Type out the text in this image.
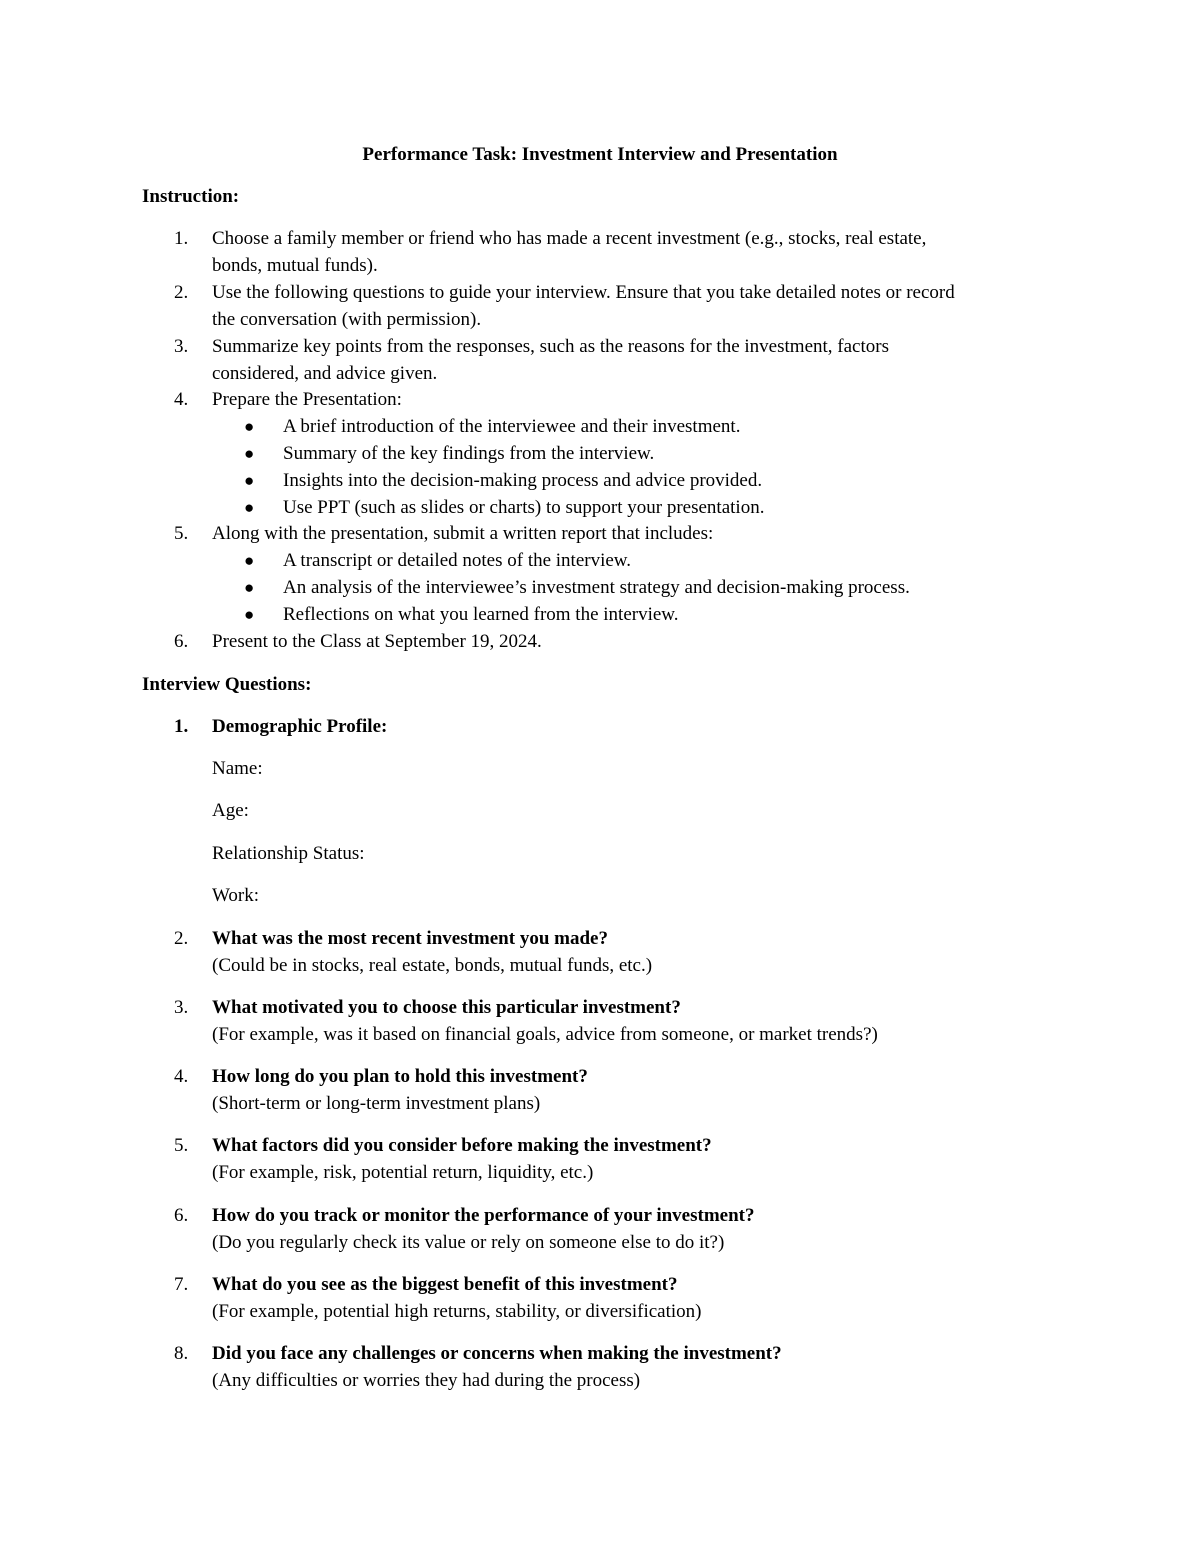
Performance Task: Investment Interview and Presentation
Instruction:
1.	Choose a family member or friend who has made a recent investment (e.g., stocks, real estate,
bonds, mutual funds).
2.	Use the following questions to guide your interview. Ensure that you take detailed notes or record
the conversation (with permission).
3.	Summarize key points from the responses, such as the reasons for the investment, factors
considered, and advice given.
4.	Prepare the Presentation:
● A brief introduction of the interviewee and their investment.
● Summary of the key findings from the interview.
● Insights into the decision-making process and advice provided.
● Use PPT (such as slides or charts) to support your presentation.
5.	Along with the presentation, submit a written report that includes:
● A transcript or detailed notes of the interview.
● An analysis of the interviewee’s investment strategy and decision-making process.
● Reflections on what you learned from the interview.
6.	Present to the Class at September 19, 2024.
Interview Questions:
1.	Demographic Profile:
Name:
Age:
Relationship Status:
Work:
2.	What was the most recent investment you made?
(Could be in stocks, real estate, bonds, mutual funds, etc.)
3.	What motivated you to choose this particular investment?
(For example, was it based on financial goals, advice from someone, or market trends?)
4.	How long do you plan to hold this investment?
(Short-term or long-term investment plans)
5.	What factors did you consider before making the investment?
(For example, risk, potential return, liquidity, etc.)
6.	How do you track or monitor the performance of your investment?
(Do you regularly check its value or rely on someone else to do it?)
7.	What do you see as the biggest benefit of this investment?
(For example, potential high returns, stability, or diversification)
8.	Did you face any challenges or concerns when making the investment?
(Any difficulties or worries they had during the process)
